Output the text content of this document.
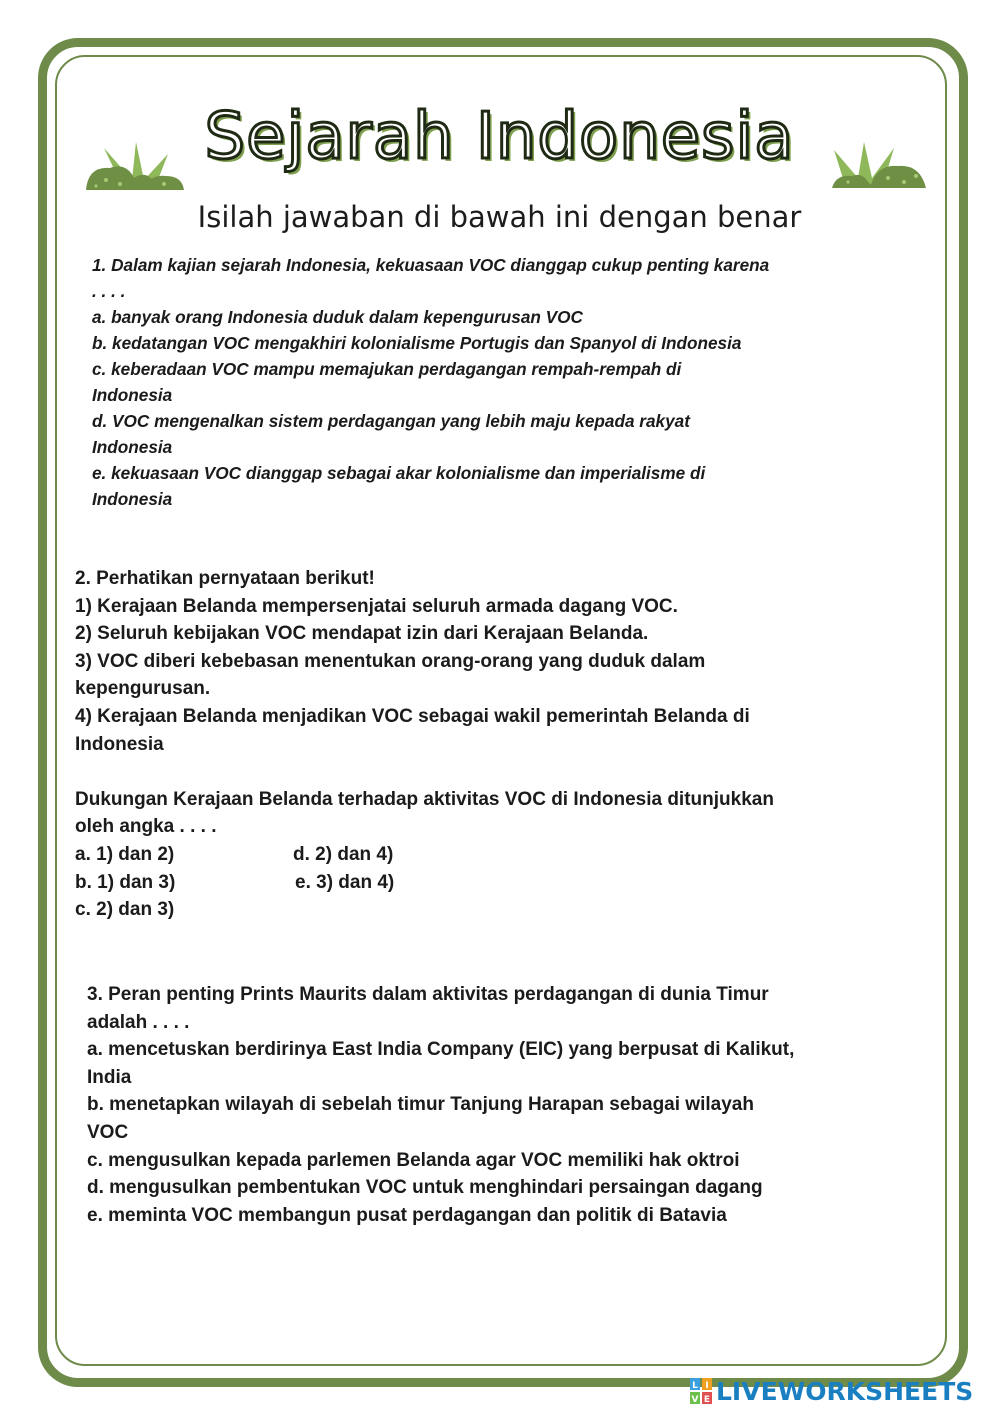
Sejarah Indonesia
Isilah jawaban di bawah ini dengan benar
1. Dalam kajian sejarah Indonesia, kekuasaan VOC dianggap cukup penting karena
. . . .
a. banyak orang Indonesia duduk dalam kepengurusan VOC
b. kedatangan VOC mengakhiri kolonialisme Portugis dan Spanyol di Indonesia
c. keberadaan VOC mampu memajukan perdagangan rempah-rempah di
Indonesia
d. VOC mengenalkan sistem perdagangan yang lebih maju kepada rakyat
Indonesia
e. kekuasaan VOC dianggap sebagai akar kolonialisme dan imperialisme di
Indonesia
2. Perhatikan pernyataan berikut!
1) Kerajaan Belanda mempersenjatai seluruh armada dagang VOC.
2) Seluruh kebijakan VOC mendapat izin dari Kerajaan Belanda.
3) VOC diberi kebebasan menentukan orang-orang yang duduk dalam
kepengurusan.
4) Kerajaan Belanda menjadikan VOC sebagai wakil pemerintah Belanda di
Indonesia
Dukungan Kerajaan Belanda terhadap aktivitas VOC di Indonesia ditunjukkan
oleh angka . . . .
a. 1) dan 2)	d. 2) dan 4)
b. 1) dan 3)	e. 3) dan 4)
c. 2) dan 3)
3. Peran penting Prints Maurits dalam aktivitas perdagangan di dunia Timur
adalah . . . .
a. mencetuskan berdirinya East India Company (EIC) yang berpusat di Kalikut,
India
b. menetapkan wilayah di sebelah timur Tanjung Harapan sebagai wilayah
VOC
c. mengusulkan kepada parlemen Belanda agar VOC memiliki hak oktroi
d. mengusulkan pembentukan VOC untuk menghindari persaingan dagang
e. meminta VOC membangun pusat perdagangan dan politik di Batavia
L I
V E LIVEWORKSHEETS
